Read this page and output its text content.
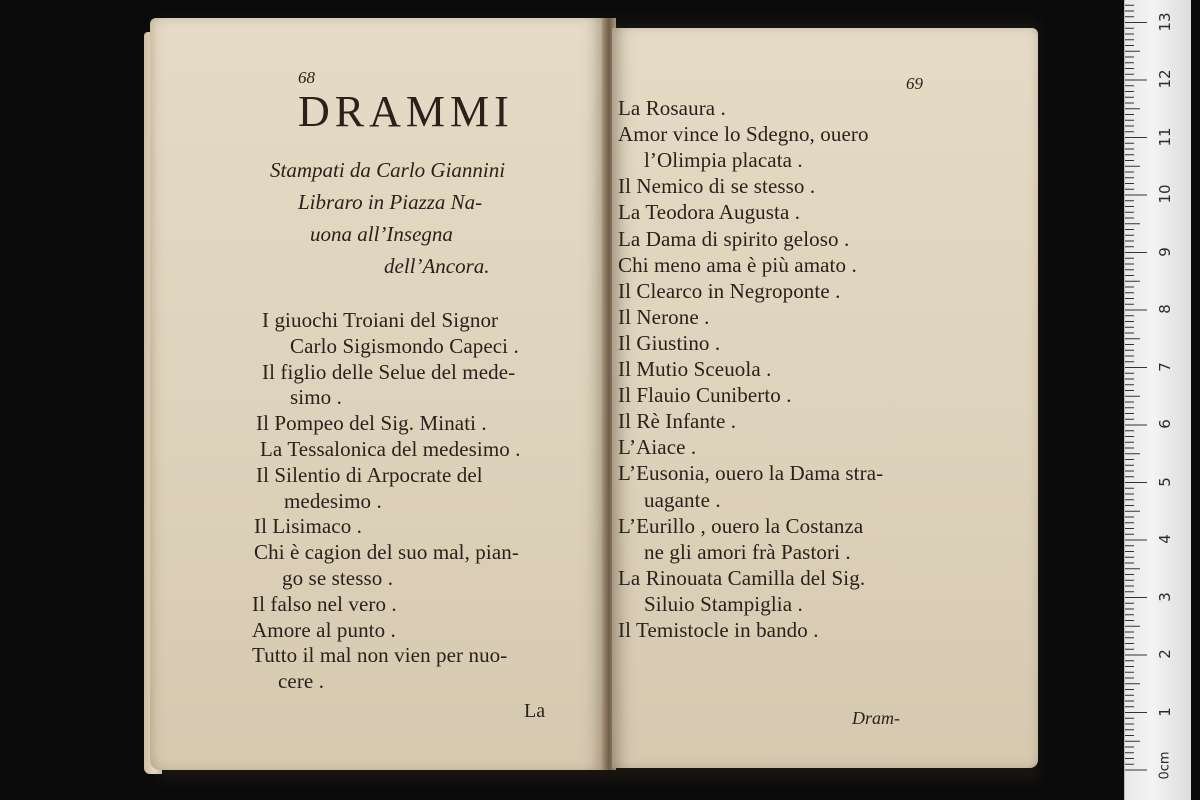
68
DRAMMI
Stampati da Carlo Giannini
Libraro in Piazza Na-
uona all’Insegna
dell’Ancora.
I giuochi Troiani del Signor
Carlo Sigismondo Capeci .
Il figlio delle Selue del mede-
simo .
Il Pompeo del Sig. Minati .
La Tessalonica del medesimo .
Il Silentio di Arpocrate del
medesimo .
Il Lisimaco .
Chi è cagion del suo mal, pian-
go se stesso .
Il falso nel vero .
Amore al punto .
Tutto il mal non vien per nuo-
cere .
La
69
La Rosaura .
Amor vince lo Sdegno, ouero
l’Olimpia placata .
Il Nemico di se stesso .
La Teodora Augusta .
La Dama di spirito geloso .
Chi meno ama è più amato .
Il Clearco in Negroponte .
Il Nerone .
Il Giustino .
Il Mutio Sceuola .
Il Flauio Cuniberto .
Il Rè Infante .
L’Aiace .
L’Eusonia, ouero la Dama stra-
uagante .
L’Eurillo , ouero la Costanza
ne gli amori frà Pastori .
La Rinouata Camilla del Sig.
Siluio Stampiglia .
Il Temistocle in bando .
Dram-	1
2
3
4
5
6
7
8
9
10
11
12
13
0cm
